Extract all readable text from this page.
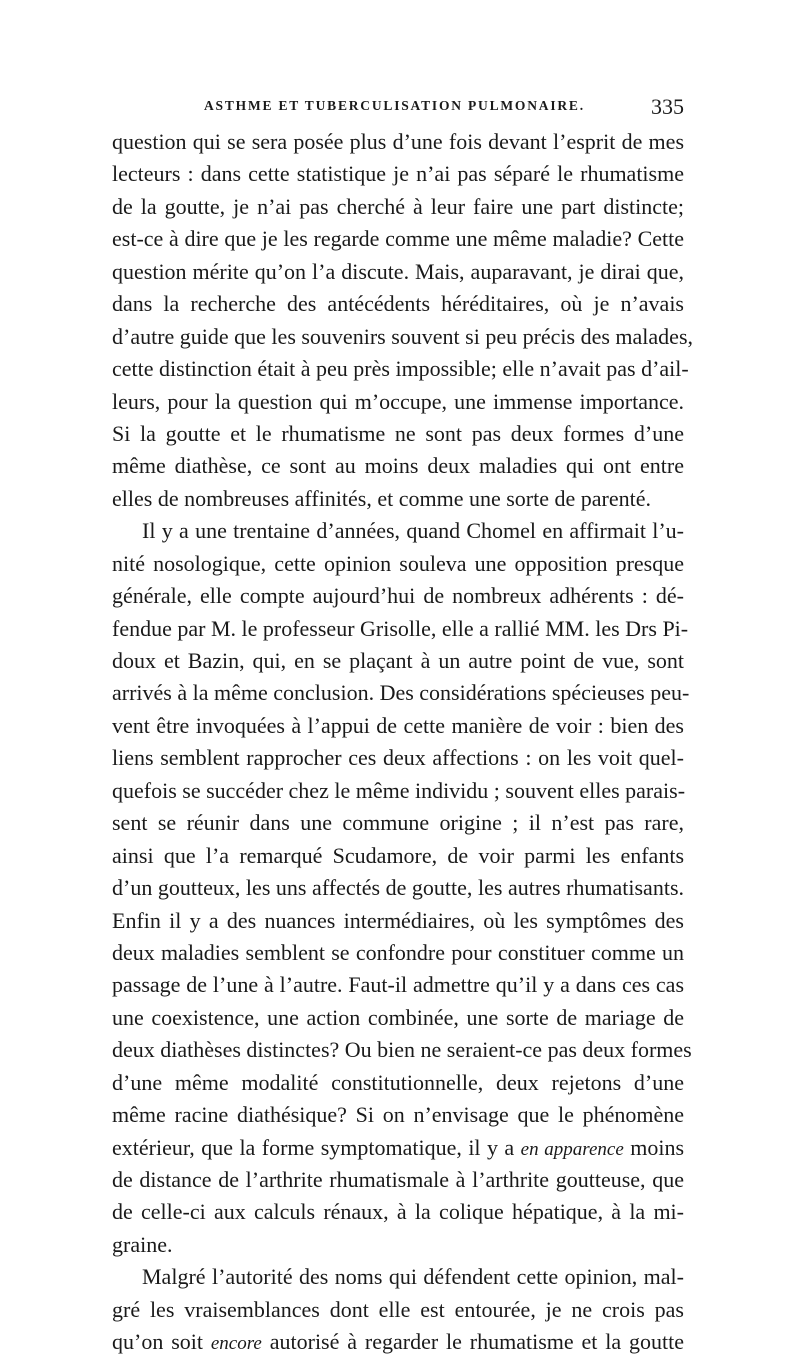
ASTHME ET TUBERCULISATION PULMONAIRE.	335
question qui se sera posée plus d’une fois devant l’esprit de mes
lecteurs : dans cette statistique je n’ai pas séparé le rhumatisme
de la goutte, je n’ai pas cherché à leur faire une part distincte;
est-ce à dire que je les regarde comme une même maladie? Cette
question mérite qu’on l’a discute. Mais, auparavant, je dirai que,
dans la recherche des antécédents héréditaires, où je n’avais
d’autre guide que les souvenirs souvent si peu précis des malades,
cette distinction était à peu près impossible; elle n’avait pas d’ail-
leurs, pour la question qui m’occupe, une immense importance.
Si la goutte et le rhumatisme ne sont pas deux formes d’une
même diathèse, ce sont au moins deux maladies qui ont entre
elles de nombreuses affinités, et comme une sorte de parenté.
Il y a une trentaine d’années, quand Chomel en affirmait l’u-
nité nosologique, cette opinion souleva une opposition presque
générale, elle compte aujourd’hui de nombreux adhérents : dé-
fendue par M. le professeur Grisolle, elle a rallié MM. les Drs Pi-
doux et Bazin, qui, en se plaçant à un autre point de vue, sont
arrivés à la même conclusion. Des considérations spécieuses peu-
vent être invoquées à l’appui de cette manière de voir : bien des
liens semblent rapprocher ces deux affections : on les voit quel-
quefois se succéder chez le même individu ; souvent elles parais-
sent se réunir dans une commune origine ; il n’est pas rare,
ainsi que l’a remarqué Scudamore, de voir parmi les enfants
d’un goutteux, les uns affectés de goutte, les autres rhumatisants.
Enfin il y a des nuances intermédiaires, où les symptômes des
deux maladies semblent se confondre pour constituer comme un
passage de l’une à l’autre. Faut-il admettre qu’il y a dans ces cas
une coexistence, une action combinée, une sorte de mariage de
deux diathèses distinctes? Ou bien ne seraient-ce pas deux formes
d’une même modalité constitutionnelle, deux rejetons d’une
même racine diathésique? Si on n’envisage que le phénomène
extérieur, que la forme symptomatique, il y a en apparence moins
de distance de l’arthrite rhumatismale à l’arthrite goutteuse, que
de celle-ci aux calculs rénaux, à la colique hépatique, à la mi-
graine.
Malgré l’autorité des noms qui défendent cette opinion, mal-
gré les vraisemblances dont elle est entourée, je ne crois pas
qu’on soit encore autorisé à regarder le rhumatisme et la goutte
